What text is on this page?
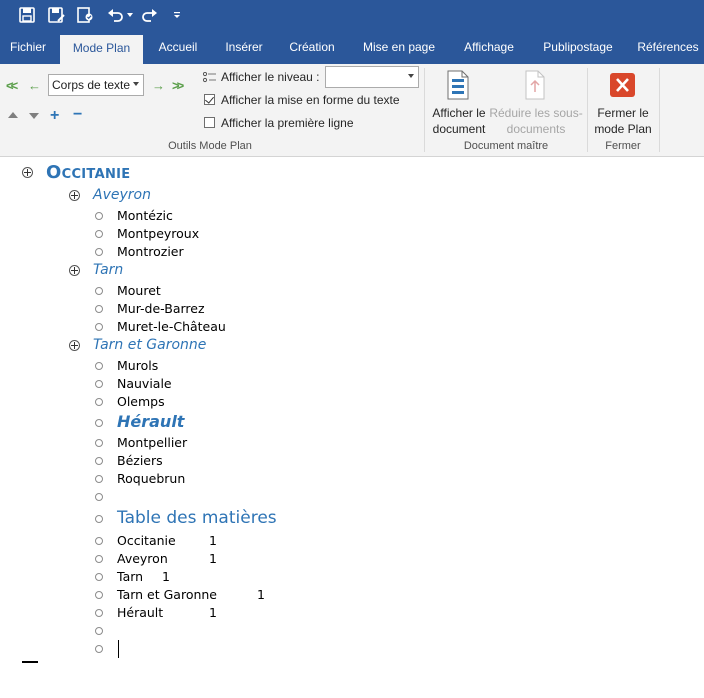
Fichier	Mode Plan	Accueil	Insérer	Création	Mise en page	Affichage	Publipostage	Références
<< ← Corps de texte → >>
+ −
Afficher le niveau :
Afficher la mise en forme du texte
Afficher la première ligne
Outils Mode Plan
Afficher le
document
Réduire les sous-
documents
Document maître
Fermer le
mode Plan
Fermer
Occitanie
Aveyron
Montézic
Montpeyroux
Montrozier
Tarn
Mouret
Mur-de-Barrez
Muret-le-Château
Tarn et Garonne
Murols
Nauviale
Olemps
Hérault
Montpellier
Béziers
Roquebrun
Table des matières
Occitanie	1
Aveyron	1
Tarn 1
Tarn et Garonne	1
Hérault	1
